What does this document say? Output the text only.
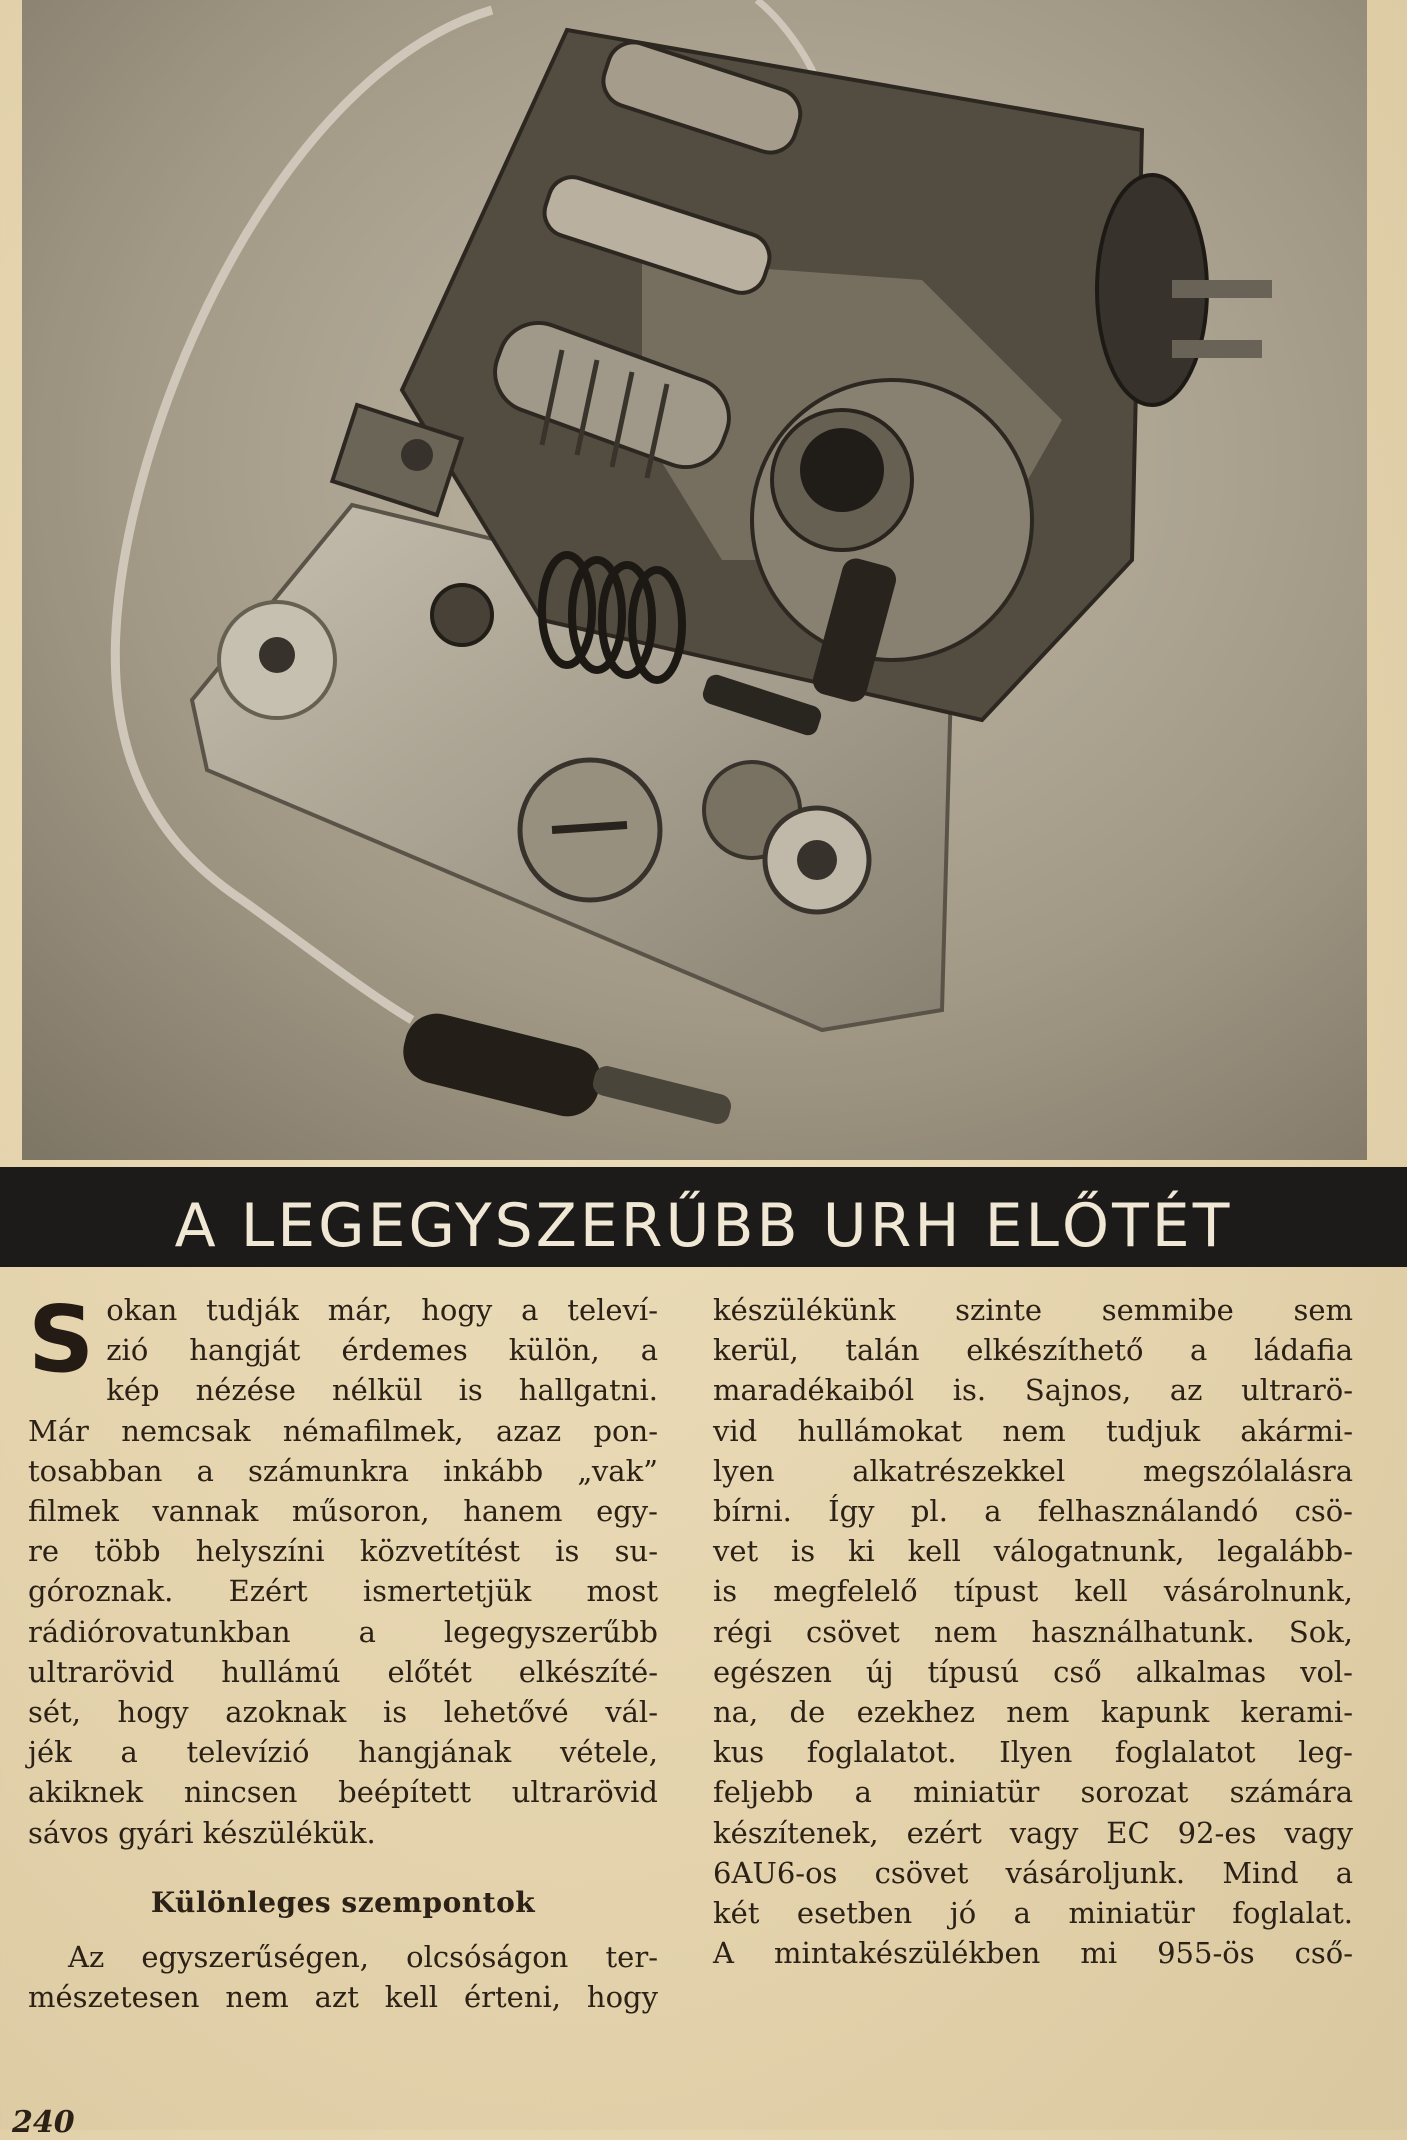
A LEGEGYSZERŰBB URH ELŐTÉT
S okan tudják már, hogy a televí-
zió hangját érdemes külön, a
kép nézése nélkül is hallgatni.

Már nemcsak némafilmek, azaz pon-
tosabban a számunkra inkább „vak”
filmek vannak műsoron, hanem egy-
re több helyszíni közvetítést is su-
góroznak. Ezért ismertetjük most
rádiórovatunkban a legegyszerűbb
ultrarövid hullámú előtét elkészíté-
sét, hogy azoknak is lehetővé vál-
jék a televízió hangjának vétele,
akiknek nincsen beépített ultrarövid
sávos gyári készülékük.

Különleges szempontok

Az egyszerűségen, olcsóságon ter-
mészetesen nem azt kell érteni, hogy

készülékünk szinte semmibe sem
kerül, talán elkészíthető a ládafia
maradékaiból is. Sajnos, az ultrarö-
vid hullámokat nem tudjuk akármi-
lyen alkatrészekkel megszólalásra
bírni. Így pl. a felhasználandó csö-
vet is ki kell válogatnunk, legalább-
is megfelelő típust kell vásárolnunk,
régi csövet nem használhatunk. Sok,
egészen új típusú cső alkalmas vol-
na, de ezekhez nem kapunk kerami-
kus foglalatot. Ilyen foglalatot leg-
feljebb a miniatür sorozat számára
készítenek, ezért vagy EC 92-es vagy
6AU6-os csövet vásároljunk. Mind a
két esetben jó a miniatür foglalat.
A mintakészülékben mi 955-ös cső-

240
